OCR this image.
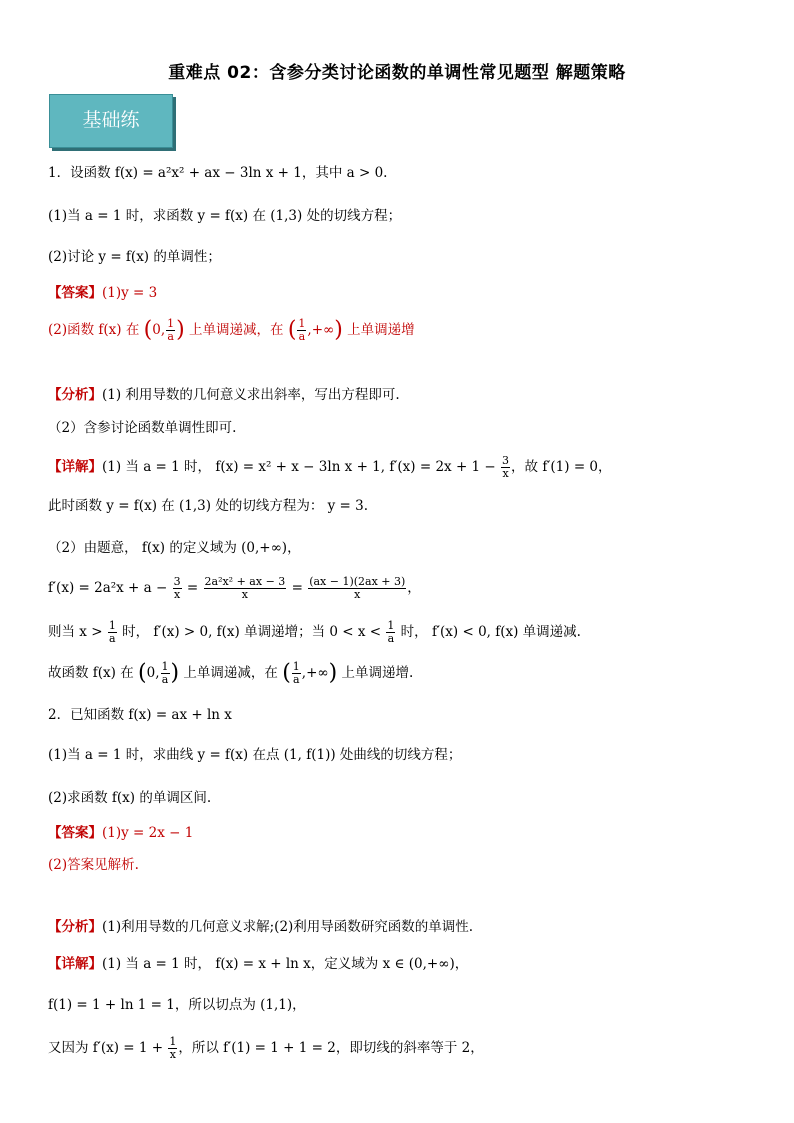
重难点 02：含参分类讨论函数的单调性常见题型 解题策略
基础练
1．设函数 f(x) = a²x² + ax − 3ln x + 1，其中 a > 0.
(1)当 a = 1 时，求函数 y = f(x) 在 (1,3) 处的切线方程；
(2)讨论 y = f(x) 的单调性；
【答案】(1)y = 3
(2)函数 f(x) 在 (0, $\frac{1}{a}$ ) 上单调递减，在 ( $\frac{1}{a}$ ,+∞) 上单调递增
【分析】(1) 利用导数的几何意义求出斜率，写出方程即可.
（2）含参讨论函数单调性即可.
【详解】(1) 当 a = 1 时， f(x) = x² + x − 3ln x + 1, $f'(x) = 2x + 1 - \frac{3}{x}$ ，故 f′(1) = 0，
此时函数 y = f(x) 在 (1,3) 处的切线方程为： y = 3.
（2）由题意， f(x) 的定义域为 (0,+∞)，
$f'(x) = 2a^2x + a - \frac{3}{x} = \frac{\text{2a²x² + ax − 3}}{x} = \frac{(ax - 1)(2ax + 3)}{x}$ ，
则当 $x > \frac{1}{a}$ 时， f′(x) > 0, f(x) 单调递增；当 $0 < x < \frac{1}{a}$ 时， f′(x) < 0, f(x) 单调递减.
故函数 f(x) 在 (0, $\frac{1}{a}$ ) 上单调递减，在 ( $\frac{1}{a}$ ,+∞) 上单调递增.
2．已知函数 f(x) = ax + ln x
(1)当 a = 1 时，求曲线 y = f(x) 在点 (1, f(1)) 处曲线的切线方程；
(2)求函数 f(x) 的单调区间.
【答案】(1)y = 2x − 1
(2)答案见解析.
【分析】(1)利用导数的几何意义求解;(2)利用导函数研究函数的单调性.
【详解】(1) 当 a = 1 时， f(x) = x + ln x，定义域为 x ∈ (0,+∞)，
f(1) = 1 + ln 1 = 1，所以切点为 (1,1)，
又因为 $f'(x) = 1 + \frac{1}{x}$ ，所以 f′(1) = 1 + 1 = 2，即切线的斜率等于 2，
